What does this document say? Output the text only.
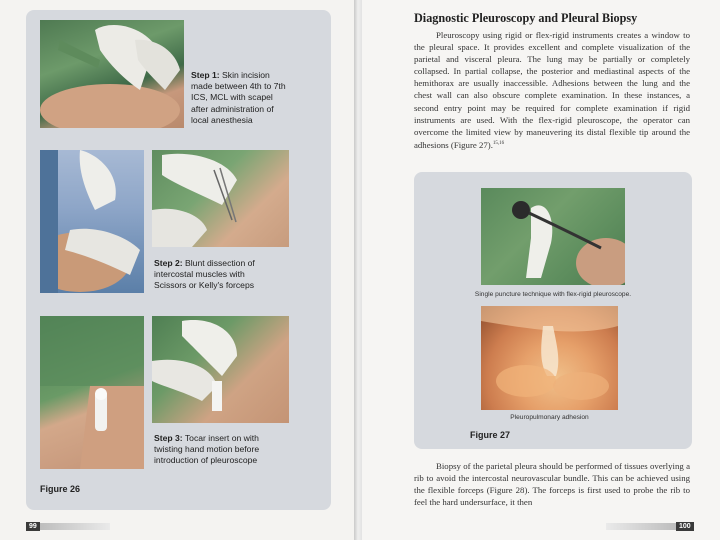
Step 1: Skin incision made between 4th to 7th ICS, MCL with scapel after administration of local anesthesia
Step 2: Blunt dissection of intercostal muscles with Scissors or Kelly's forceps
Step 3: Tocar insert on with twisting hand motion before introduction of pleuroscope
Figure 26
99
Diagnostic Pleuroscopy and Pleural Biopsy

Pleuroscopy using rigid or flex-rigid instruments creates a window to the pleural space. It provides excellent and complete visualization of the parietal and visceral pleura. The lung may be partially or completely collapsed. In partial collapse, the posterior and mediastinal aspects of the hemithorax are usually inaccessible. Adhesions between the lung and the chest wall can also obscure complete examination. In these instances, a second entry point may be required for complete examination if rigid instruments are used. With the flex-rigid pleuroscope, the operator can overcome the limited view by maneuvering its distal flexible tip around the adhesions (Figure 27).$^{15,16}$

Single puncture technique with flex-rigid pleuroscope.
Pleuropulmonary adhesion
Figure 27

Biopsy of the parietal pleura should be performed of tissues overlying a rib to avoid the intercostal neurovascular bundle. This can be achieved using the flexible forceps (Figure 28). The forceps is first used to probe the rib to feel the hard undersurface, it then

100
